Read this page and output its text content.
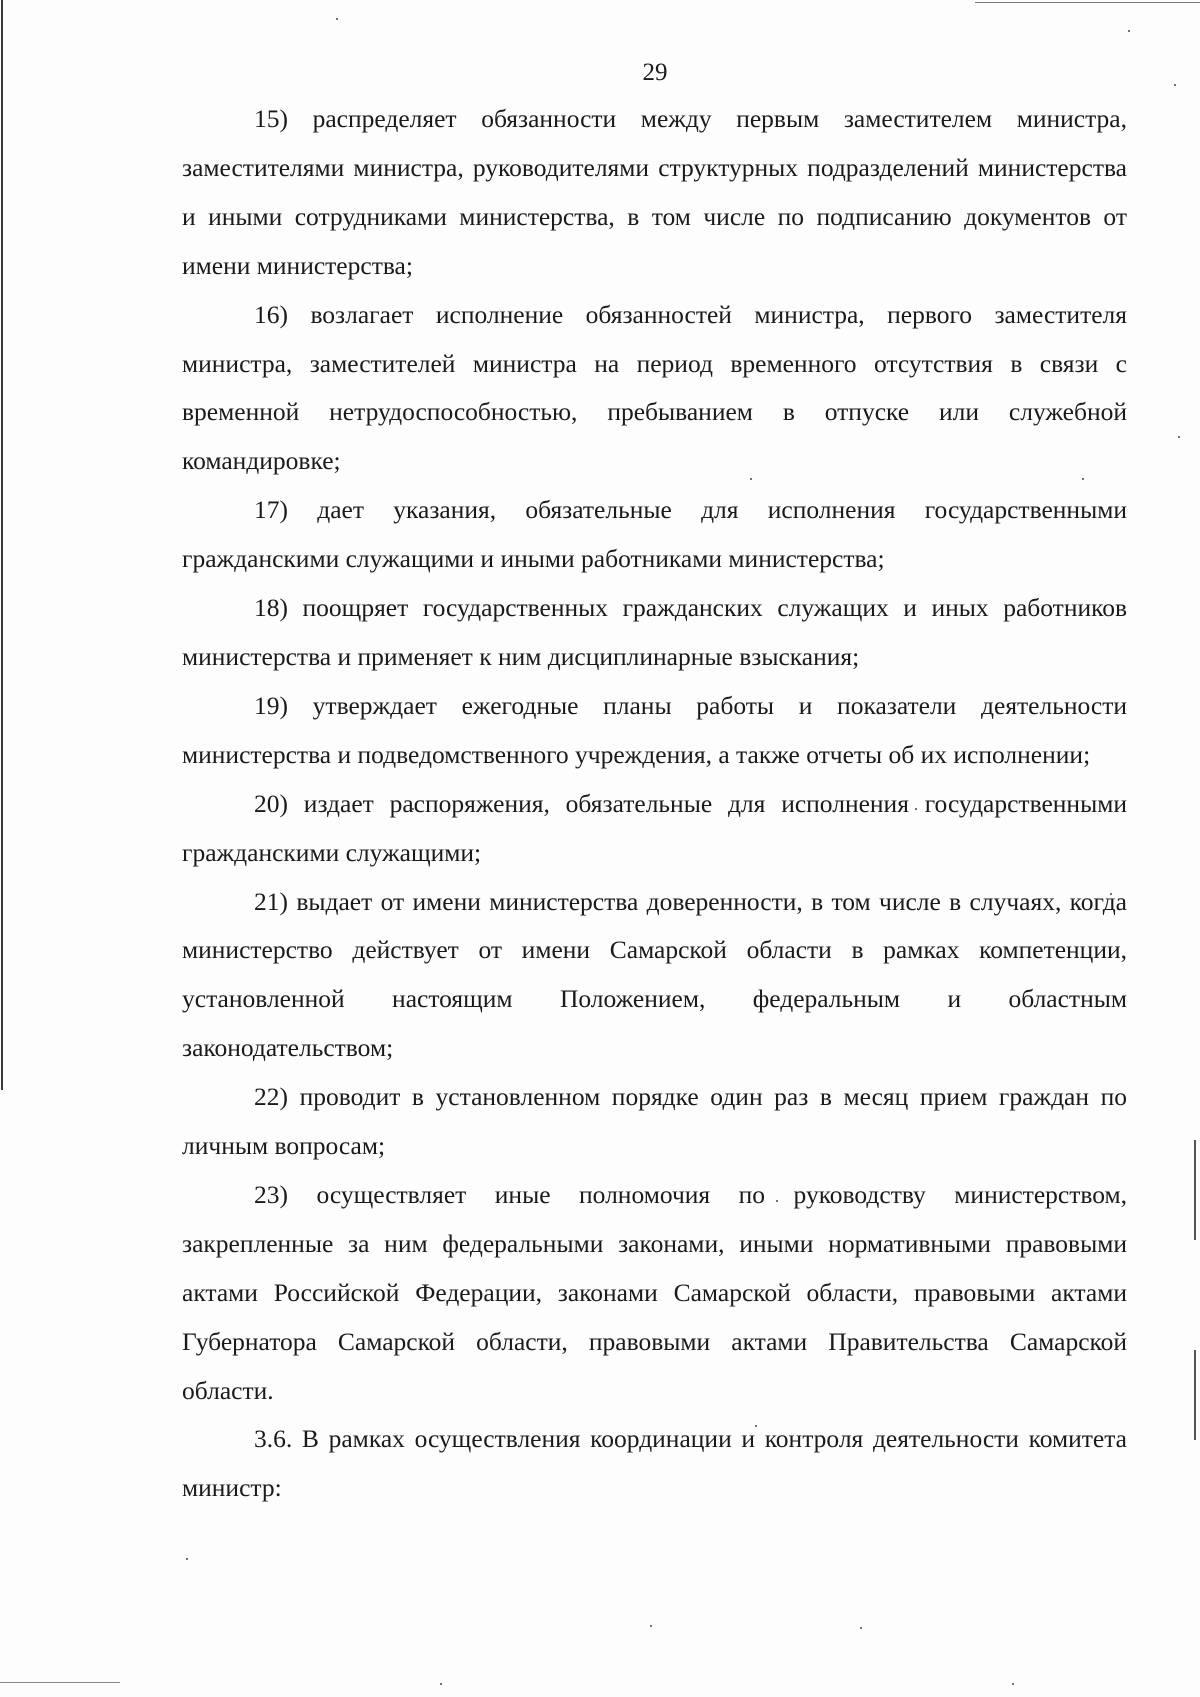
29

15) распределяет обязанности между первым заместителем министра, заместителями министра, руководителями структурных подразделений министерства и иными сотрудниками министерства, в том числе по подписанию документов от имени министерства;

16) возлагает исполнение обязанностей министра, первого заместителя министра, заместителей министра на период временного отсутствия в связи с временной нетрудоспособностью, пребыванием в отпуске или служебной командировке;

17) дает указания, обязательные для исполнения государственными гражданскими служащими и иными работниками министерства;

18) поощряет государственных гражданских служащих и иных работников министерства и применяет к ним дисциплинарные взыскания;

19) утверждает ежегодные планы работы и показатели деятельности министерства и подведомственного учреждения, а также отчеты об их исполнении;

20) издает распоряжения, обязательные для исполнения государственными гражданскими служащими;

21) выдает от имени министерства доверенности, в том числе в случаях, когда министерство действует от имени Самарской области в рамках компетенции, установленной настоящим Положением, федеральным и областным законодательством;

22) проводит в установленном порядке один раз в месяц прием граждан по личным вопросам;

23) осуществляет иные полномочия по руководству министерством, закрепленные за ним федеральными законами, иными нормативными правовыми актами Российской Федерации, законами Самарской области, правовыми актами Губернатора Самарской области, правовыми актами Правительства Самарской области.

3.6. В рамках осуществления координации и контроля деятельности комитета министр:
